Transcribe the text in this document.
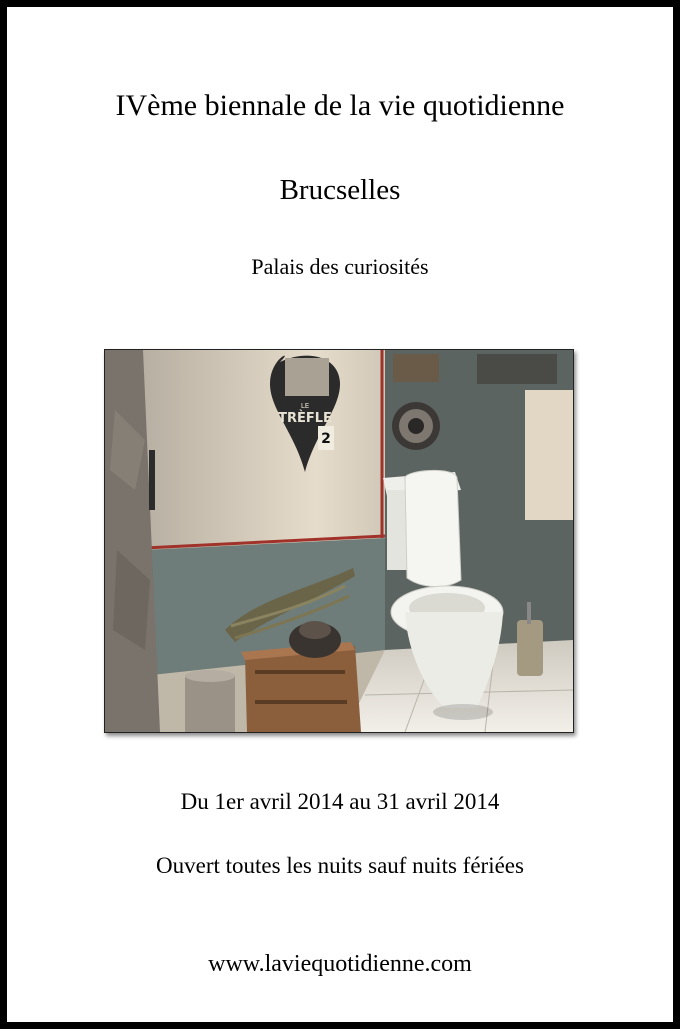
IVème biennale de la vie quotidienne
Brucselles
Palais des curiosités
LE
TRÈFLE
2
Du 1er avril 2014 au 31 avril 2014
Ouvert toutes les nuits sauf nuits fériées
www.laviequotidienne.com
